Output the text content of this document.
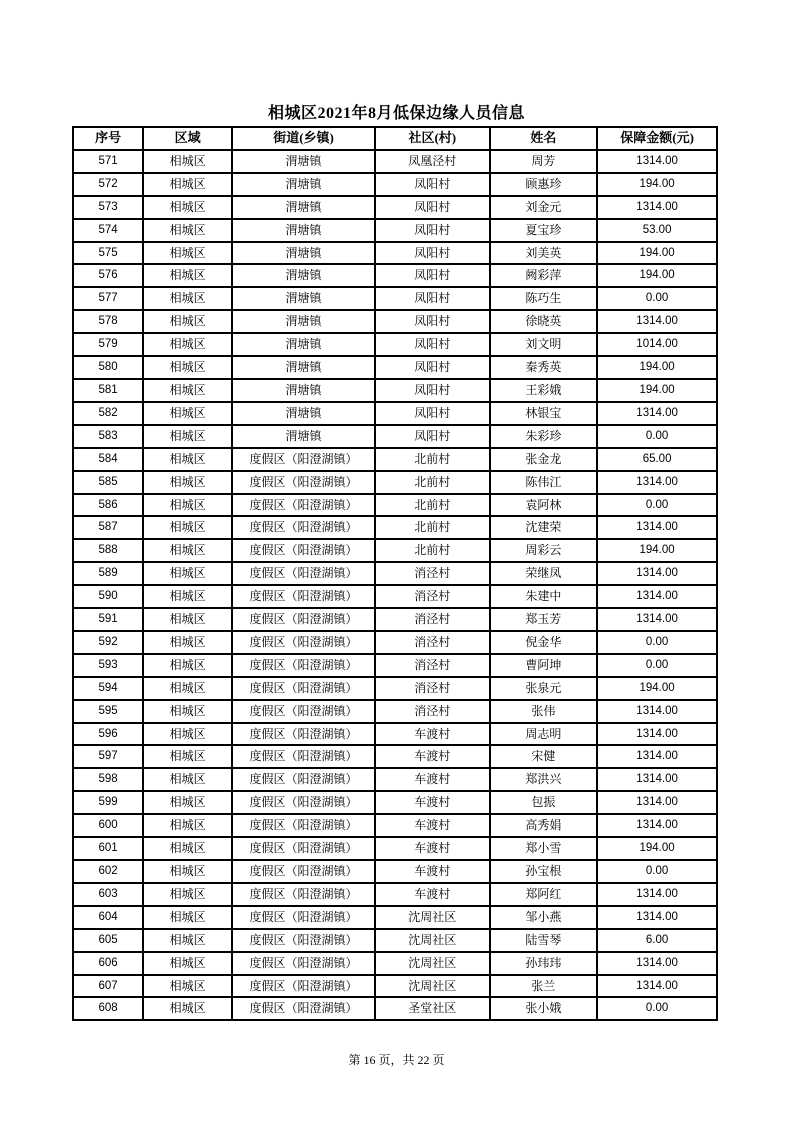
相城区2021年8月低保边缘人员信息
序号	区域	街道(乡镇)	社区(村)	姓名	保障金额(元)
571	相城区	渭塘镇	凤凰泾村	周芳	1314.00
572	相城区	渭塘镇	凤阳村	顾惠珍	194.00
573	相城区	渭塘镇	凤阳村	刘金元	1314.00
574	相城区	渭塘镇	凤阳村	夏宝珍	53.00
575	相城区	渭塘镇	凤阳村	刘美英	194.00
576	相城区	渭塘镇	凤阳村	阙彩萍	194.00
577	相城区	渭塘镇	凤阳村	陈巧生	0.00
578	相城区	渭塘镇	凤阳村	徐晓英	1314.00
579	相城区	渭塘镇	凤阳村	刘文明	1014.00
580	相城区	渭塘镇	凤阳村	秦秀英	194.00
581	相城区	渭塘镇	凤阳村	王彩娥	194.00
582	相城区	渭塘镇	凤阳村	林银宝	1314.00
583	相城区	渭塘镇	凤阳村	朱彩珍	0.00
584	相城区	度假区（阳澄湖镇）	北前村	张金龙	65.00
585	相城区	度假区（阳澄湖镇）	北前村	陈伟江	1314.00
586	相城区	度假区（阳澄湖镇）	北前村	袁阿林	0.00
587	相城区	度假区（阳澄湖镇）	北前村	沈建荣	1314.00
588	相城区	度假区（阳澄湖镇）	北前村	周彩云	194.00
589	相城区	度假区（阳澄湖镇）	消泾村	荣继凤	1314.00
590	相城区	度假区（阳澄湖镇）	消泾村	朱建中	1314.00
591	相城区	度假区（阳澄湖镇）	消泾村	郑玉芳	1314.00
592	相城区	度假区（阳澄湖镇）	消泾村	倪金华	0.00
593	相城区	度假区（阳澄湖镇）	消泾村	曹阿坤	0.00
594	相城区	度假区（阳澄湖镇）	消泾村	张泉元	194.00
595	相城区	度假区（阳澄湖镇）	消泾村	张伟	1314.00
596	相城区	度假区（阳澄湖镇）	车渡村	周志明	1314.00
597	相城区	度假区（阳澄湖镇）	车渡村	宋健	1314.00
598	相城区	度假区（阳澄湖镇）	车渡村	郑洪兴	1314.00
599	相城区	度假区（阳澄湖镇）	车渡村	包振	1314.00
600	相城区	度假区（阳澄湖镇）	车渡村	高秀娟	1314.00
601	相城区	度假区（阳澄湖镇）	车渡村	郑小雪	194.00
602	相城区	度假区（阳澄湖镇）	车渡村	孙宝根	0.00
603	相城区	度假区（阳澄湖镇）	车渡村	郑阿红	1314.00
604	相城区	度假区（阳澄湖镇）	沈周社区	邹小燕	1314.00
605	相城区	度假区（阳澄湖镇）	沈周社区	陆雪琴	6.00
606	相城区	度假区（阳澄湖镇）	沈周社区	孙玮玮	1314.00
607	相城区	度假区（阳澄湖镇）	沈周社区	张兰	1314.00
608	相城区	度假区（阳澄湖镇）	圣堂社区	张小娥	0.00
第 16 页，共 22 页
